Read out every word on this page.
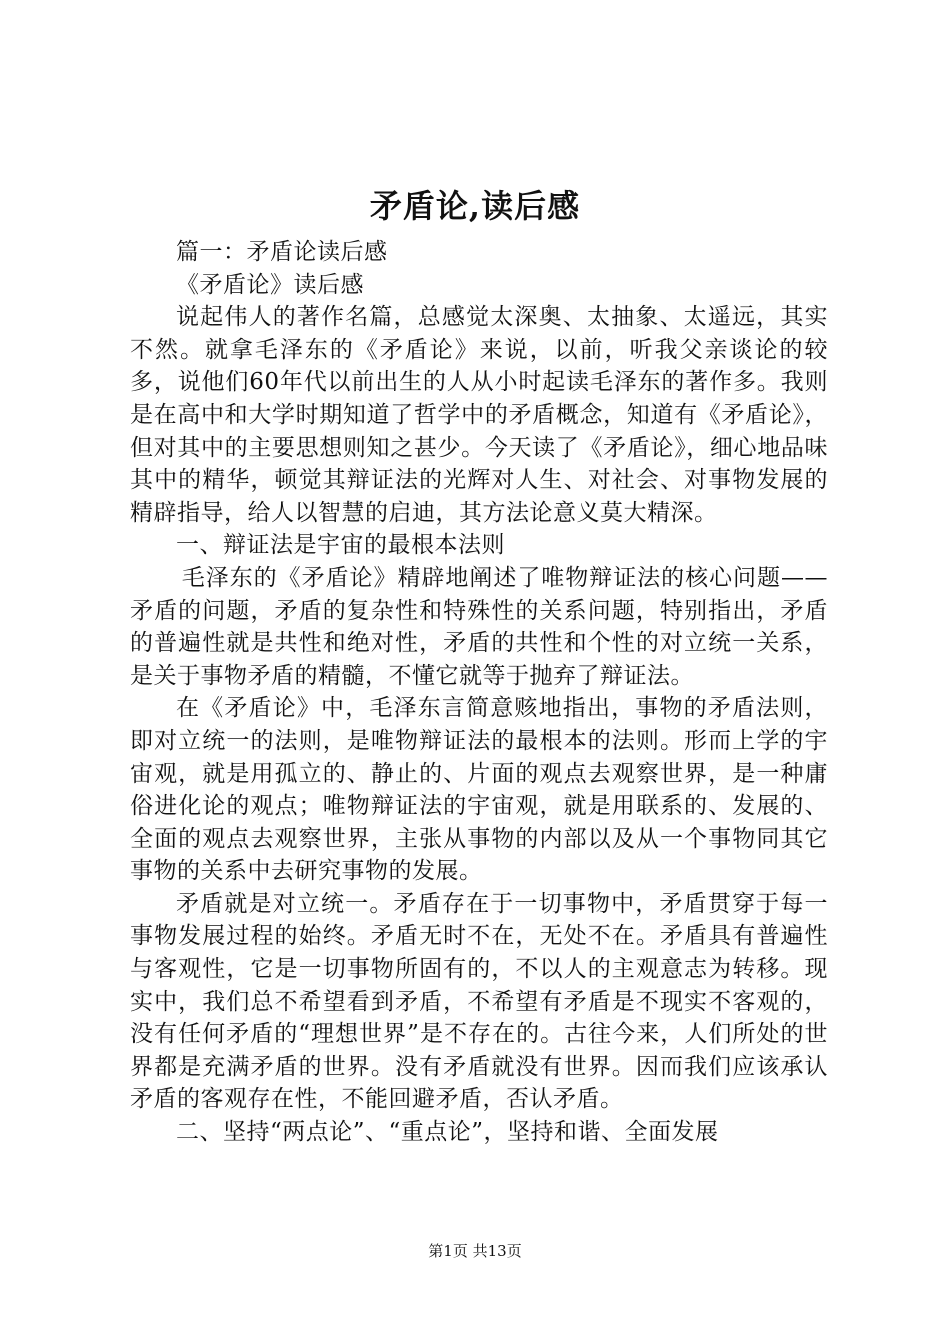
矛盾论,读后感

篇一：矛盾论读后感

《矛盾论》读后感

说起伟人的著作名篇，总感觉太深奥、太抽象、太遥远，其实不然。就拿毛泽东的《矛盾论》来说，以前，听我父亲谈论的较多，说他们60年代以前出生的人从小时起读毛泽东的著作多。我则是在高中和大学时期知道了哲学中的矛盾概念，知道有《矛盾论》，但对其中的主要思想则知之甚少。今天读了《矛盾论》，细心地品味其中的精华，顿觉其辩证法的光辉对人生、对社会、对事物发展的精辟指导，给人以智慧的启迪，其方法论意义莫大精深。

一、辩证法是宇宙的最根本法则

毛泽东的《矛盾论》精辟地阐述了唯物辩证法的核心问题——矛盾的问题，矛盾的复杂性和特殊性的关系问题，特别指出，矛盾的普遍性就是共性和绝对性，矛盾的共性和个性的对立统一关系，是关于事物矛盾的精髓，不懂它就等于抛弃了辩证法。

在《矛盾论》中，毛泽东言简意赅地指出，事物的矛盾法则，即对立统一的法则，是唯物辩证法的最根本的法则。形而上学的宇宙观，就是用孤立的、静止的、片面的观点去观察世界，是一种庸俗进化论的观点；唯物辩证法的宇宙观，就是用联系的、发展的、全面的观点去观察世界，主张从事物的内部以及从一个事物同其它事物的关系中去研究事物的发展。

矛盾就是对立统一。矛盾存在于一切事物中，矛盾贯穿于每一事物发展过程的始终。矛盾无时不在，无处不在。矛盾具有普遍性与客观性，它是一切事物所固有的，不以人的主观意志为转移。现实中，我们总不希望看到矛盾，不希望有矛盾是不现实不客观的，没有任何矛盾的“理想世界”是不存在的。古往今来，人们所处的世界都是充满矛盾的世界。没有矛盾就没有世界。因而我们应该承认矛盾的客观存在性，不能回避矛盾，否认矛盾。

二、坚持“两点论”、“重点论”，坚持和谐、全面发展

第1页 共13页
